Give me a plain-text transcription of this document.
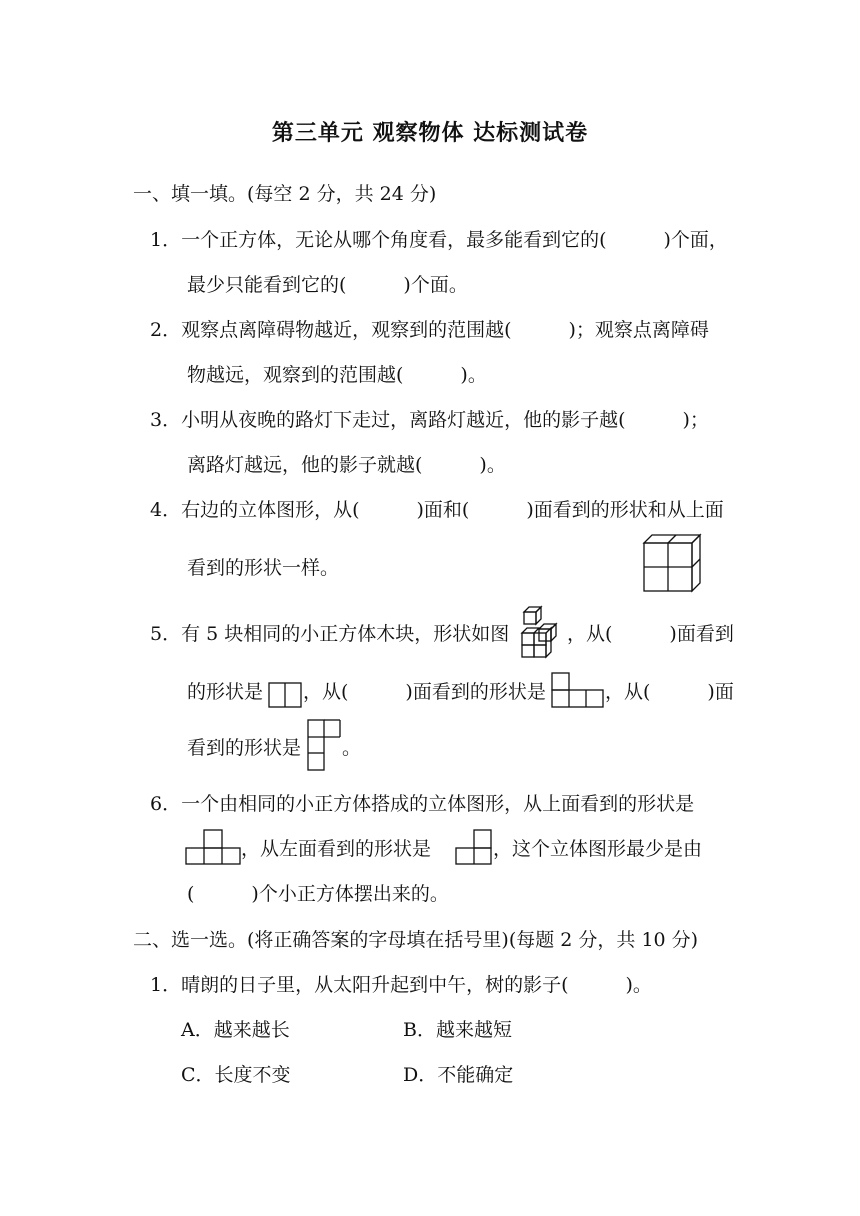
第三单元 观察物体 达标测试卷
一、填一填。(每空 2 分，共 24 分)
1．一个正方体，无论从哪个角度看，最多能看到它的(　　　)个面，
最少只能看到它的(　　　)个面。
2．观察点离障碍物越近，观察到的范围越(　　　)；观察点离障碍
物越远，观察到的范围越(　　　)。
3．小明从夜晚的路灯下走过，离路灯越近，他的影子越(　　　)；
离路灯越远，他的影子就越(　　　)。
4．右边的立体图形，从(　　　)面和(　　　)面看到的形状和从上面
看到的形状一样。
5．有 5 块相同的小正方体木块，形状如图	，从(　　　)面看到
的形状是 ，从(　　　)面看到的形状是	，从(　　　)面
看到的形状是 。
6．一个由相同的小正方体搭成的立体图形，从上面看到的形状是
，从左面看到的形状是	，这个立体图形最少是由
(　　　)个小正方体摆出来的。
二、选一选。(将正确答案的字母填在括号里)(每题 2 分，共 10 分)
1．晴朗的日子里，从太阳升起到中午，树的影子(　　　)。
A．越来越长	B．越来越短
C．长度不变	D．不能确定
